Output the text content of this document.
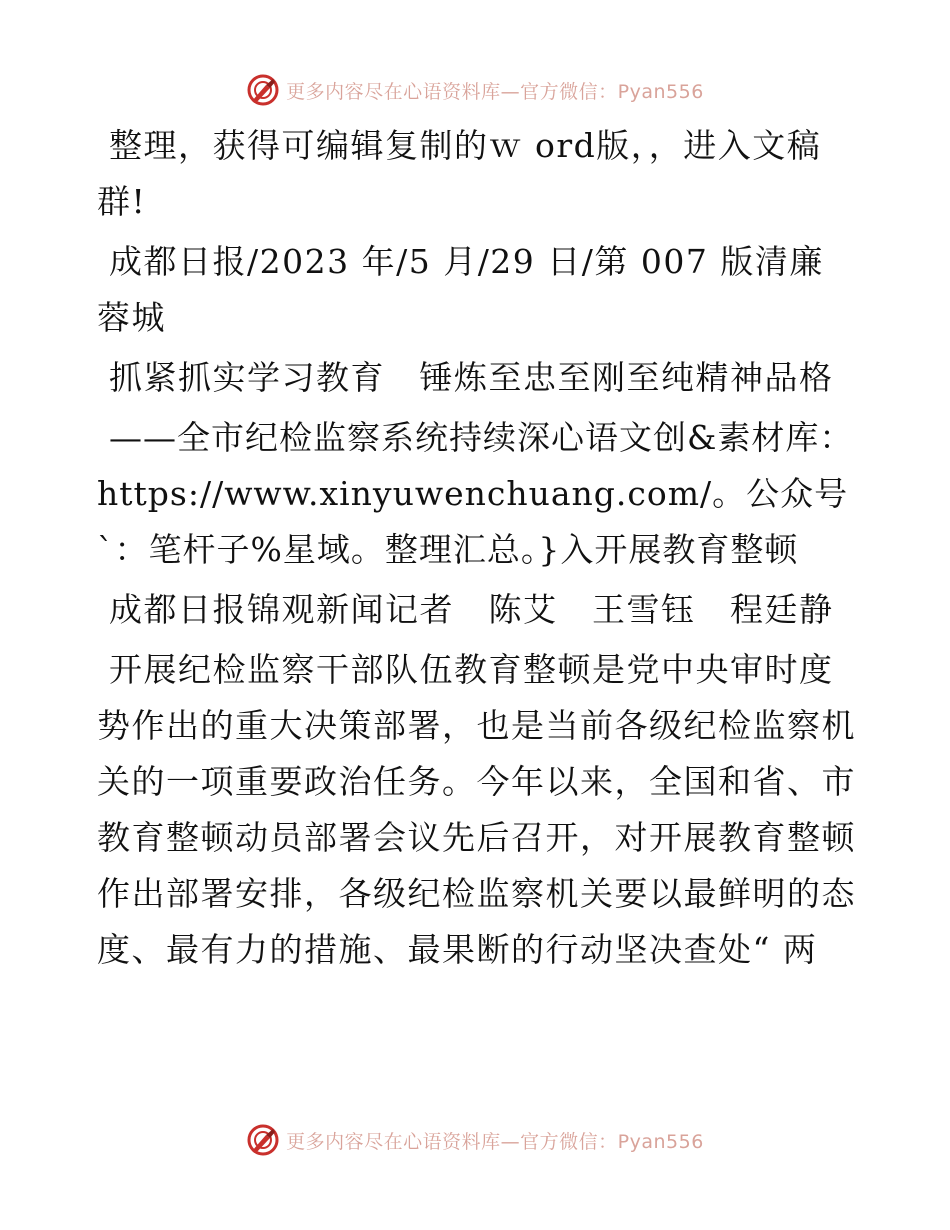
更多内容尽在心语资料库—官方微信：Pyan556

整理，获得可编辑复制的ｗ ord版，，进入文稿群!

成都日报/2023 年/5 月/29 日/第 007 版清廉蓉城

抓紧抓实学习教育　锤炼至忠至刚至纯精神品格

——全市纪检监察系统持续深心语文创&素材库：https://www.xinyuwenchuang.com/。公众号`：笔杆子%星域。整理汇总。}入开展教育整顿

成都日报锦观新闻记者　陈艾　王雪钰　程廷静

开展纪检监察干部队伍教育整顿是党中央审时度势作出的重大决策部署，也是当前各级纪检监察机关的一项重要政治任务。今年以来，全国和省、市教育整顿动员部署会议先后召开，对开展教育整顿作出部署安排，各级纪检监察机关要以最鲜明的态度、最有力的措施、最果断的行动坚决查处“ 两

更多内容尽在心语资料库—官方微信：Pyan556
